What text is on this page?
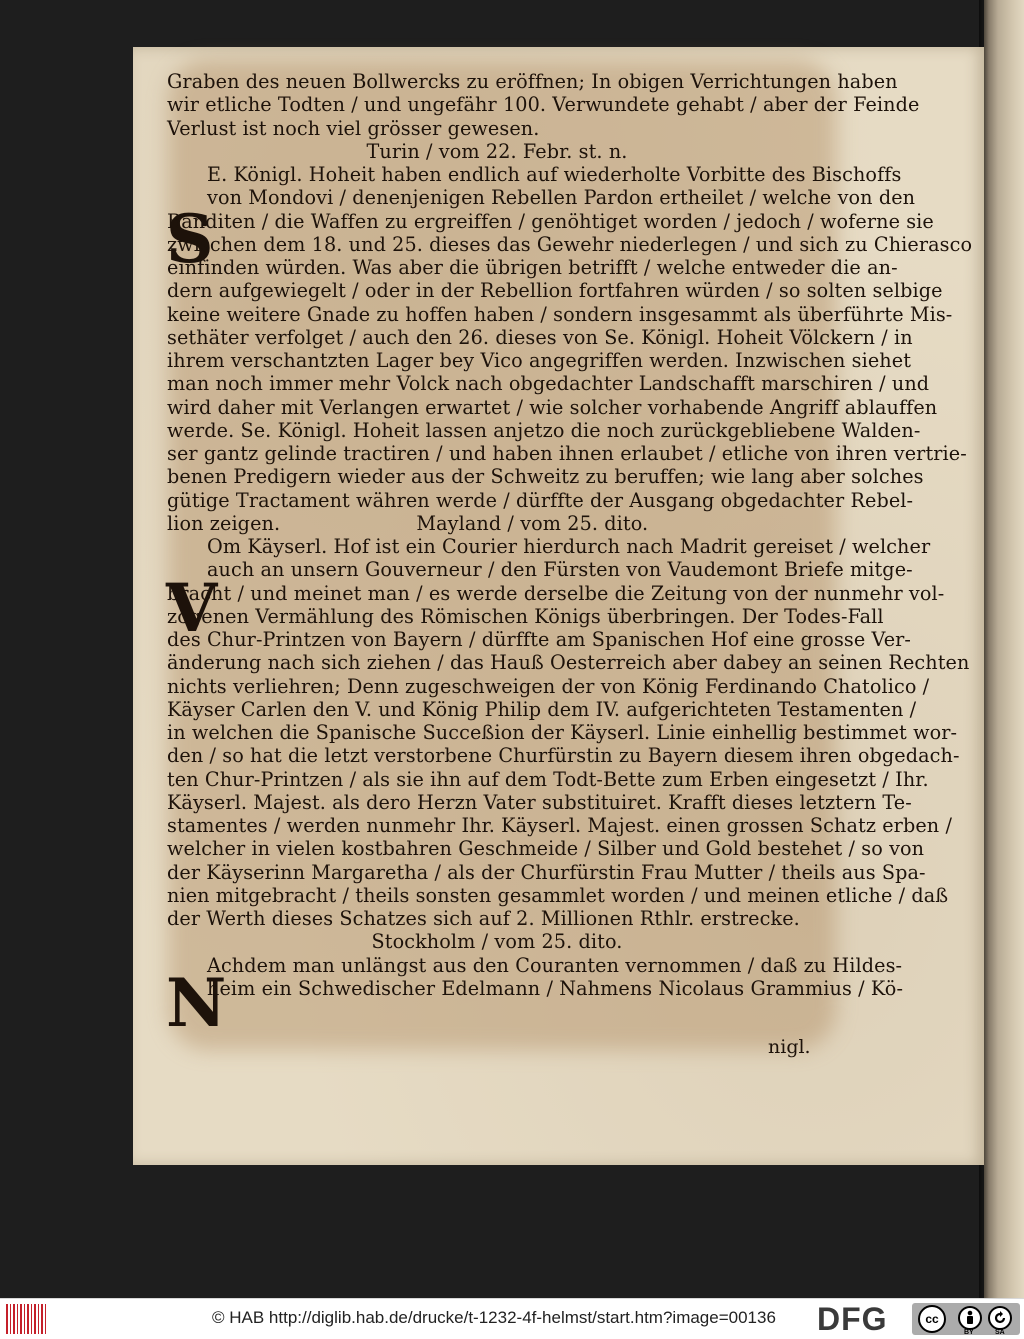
S
V
N
Graben des neuen Bollwercks zu eröffnen; In obigen Verrichtungen haben
wir etliche Todten / und ungefähr 100. Verwundete gehabt / aber der Feinde
Verlust ist noch viel grösser gewesen.
Turin / vom 22. Febr. st. n.
E. Königl. Hoheit haben endlich auf wiederholte Vorbitte des Bischoffs
von Mondovi / denenjenigen Rebellen Pardon ertheilet / welche von den
Banditen / die Waffen zu ergreiffen / genöhtiget worden / jedoch / woferne sie
zwischen dem 18. und 25. dieses das Gewehr niederlegen / und sich zu Chierasco
einfinden würden. Was aber die übrigen betrifft / welche entweder die an-
dern aufgewiegelt / oder in der Rebellion fortfahren würden / so solten selbige
keine weitere Gnade zu hoffen haben / sondern insgesammt als überführte Mis-
sethäter verfolget / auch den 26. dieses von Se. Königl. Hoheit Völckern / in
ihrem verschantzten Lager bey Vico angegriffen werden. Inzwischen siehet
man noch immer mehr Volck nach obgedachter Landschafft marschiren / und
wird daher mit Verlangen erwartet / wie solcher vorhabende Angriff ablauffen
werde. Se. Königl. Hoheit lassen anjetzo die noch zurückgebliebene Walden-
ser gantz gelinde tractiren / und haben ihnen erlaubet / etliche von ihren vertrie-
benen Predigern wieder aus der Schweitz zu beruffen; wie lang aber solches
gütige Tractament währen werde / dürffte der Ausgang obgedachter Rebel-
lion zeigen.	Mayland / vom 25. dito.
Om Käyserl. Hof ist ein Courier hierdurch nach Madrit gereiset / welcher
auch an unsern Gouverneur / den Fürsten von Vaudemont Briefe mitge-
bracht / und meinet man / es werde derselbe die Zeitung von der nunmehr vol-
zogenen Vermählung des Römischen Königs überbringen. Der Todes-Fall
des Chur-Printzen von Bayern / dürffte am Spanischen Hof eine grosse Ver-
änderung nach sich ziehen / das Hauß Oesterreich aber dabey an seinen Rechten
nichts verliehren; Denn zugeschweigen der von König Ferdinando Chatolico /
Käyser Carlen den V. und König Philip dem IV. aufgerichteten Testamenten /
in welchen die Spanische Succeßion der Käyserl. Linie einhellig bestimmet wor-
den / so hat die letzt verstorbene Churfürstin zu Bayern diesem ihren obgedach-
ten Chur-Printzen / als sie ihn auf dem Todt-Bette zum Erben eingesetzt / Ihr.
Käyserl. Majest. als dero Herzn Vater substituiret. Krafft dieses letztern Te-
stamentes / werden nunmehr Ihr. Käyserl. Majest. einen grossen Schatz erben /
welcher in vielen kostbahren Geschmeide / Silber und Gold bestehet / so von
der Käyserinn Margaretha / als der Churfürstin Frau Mutter / theils aus Spa-
nien mitgebracht / theils sonsten gesammlet worden / und meinen etliche / daß
der Werth dieses Schatzes sich auf 2. Millionen Rthlr. erstrecke.
Stockholm / vom 25. dito.
Achdem man unlängst aus den Couranten vernommen / daß zu Hildes-
heim ein Schwedischer Edelmann / Nahmens Nicolaus Grammius / Kö-
nigl.
© HAB http://diglib.hab.de/drucke/t-1232-4f-helmst/start.htm?image=00136 DFG	cc
BY	SA
